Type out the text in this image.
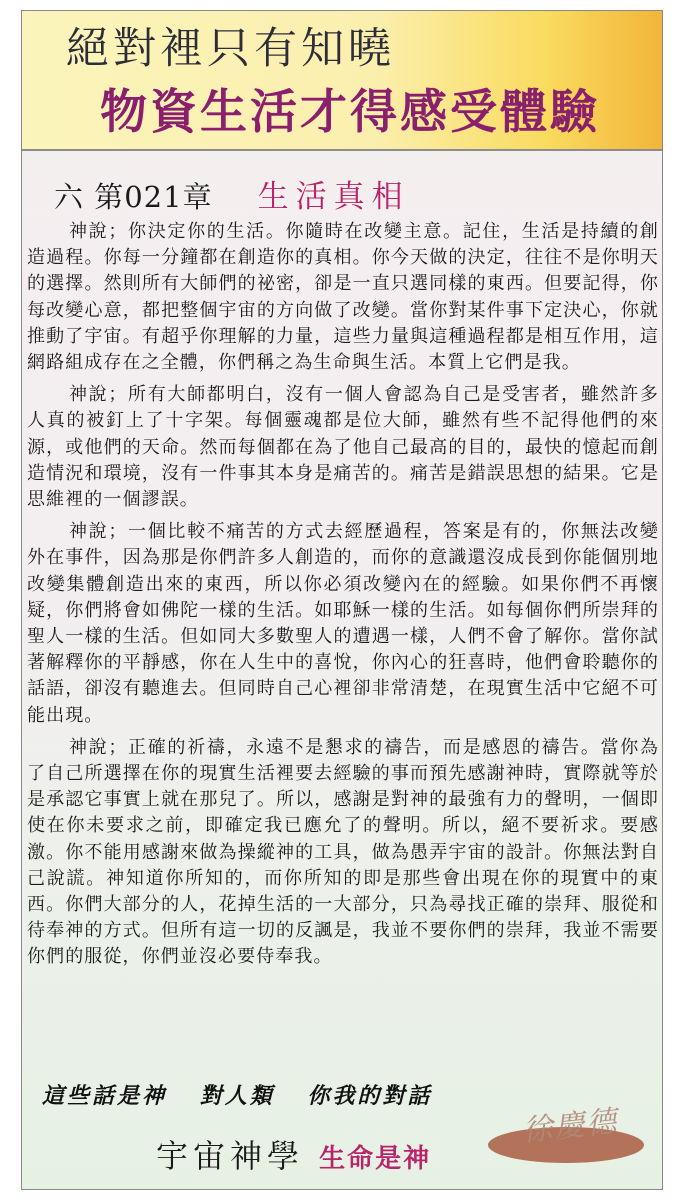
絕對裡只有知曉
物資生活才得感受體驗
六 第021章 生活真相

神說；你決定你的生活。你隨時在改變主意。記住，生活是持續的創造過程。你每一分鐘都在創造你的真相。你今天做的決定，往往不是你明天的選擇。然則所有大師們的祕密，卻是一直只選同樣的東西。但要記得，你每改變心意，都把整個宇宙的方向做了改變。當你對某件事下定決心，你就推動了宇宙。有超乎你理解的力量，這些力量與這種過程都是相互作用，這網路組成存在之全體，你們稱之為生命與生活。本質上它們是我。

神說；所有大師都明白，沒有一個人會認為自己是受害者，雖然許多人真的被釘上了十字架。每個靈魂都是位大師，雖然有些不記得他們的來源，或他們的天命。然而每個都在為了他自己最高的目的，最快的憶起而創造情況和環境，沒有一件事其本身是痛苦的。痛苦是錯誤思想的結果。它是思維裡的一個謬誤。

神說；一個比較不痛苦的方式去經歷過程，答案是有的，你無法改變外在事件，因為那是你們許多人創造的，而你的意識還沒成長到你能個別地改變集體創造出來的東西，所以你必須改變內在的經驗。如果你們不再懷疑，你們將會如佛陀一樣的生活。如耶穌一樣的生活。如每個你們所崇拜的聖人一樣的生活。但如同大多數聖人的遭遇一樣，人們不會了解你。當你試著解釋你的平靜感，你在人生中的喜悅，你內心的狂喜時，他們會聆聽你的話語，卻沒有聽進去。但同時自己心裡卻非常清楚，在現實生活中它絕不可能出現。

神說；正確的祈禱，永遠不是懇求的禱告，而是感恩的禱告。當你為了自己所選擇在你的現實生活裡要去經驗的事而預先感謝神時，實際就等於是承認它事實上就在那兒了。所以，感謝是對神的最強有力的聲明，一個即使在你未要求之前，即確定我已應允了的聲明。所以，絕不要祈求。要感激。你不能用感謝來做為操縱神的工具，做為愚弄宇宙的設計。你無法對自己說謊。神知道你所知的，而你所知的即是那些會出現在你的現實中的東西。你們大部分的人，花掉生活的一大部分，只為尋找正確的崇拜、服從和待奉神的方式。但所有這一切的反諷是，我並不要你們的崇拜，我並不需要你們的服從，你們並沒必要侍奉我。

這些話是神 對人類 你我的對話
宇宙神學 生命是神
徐慶德
